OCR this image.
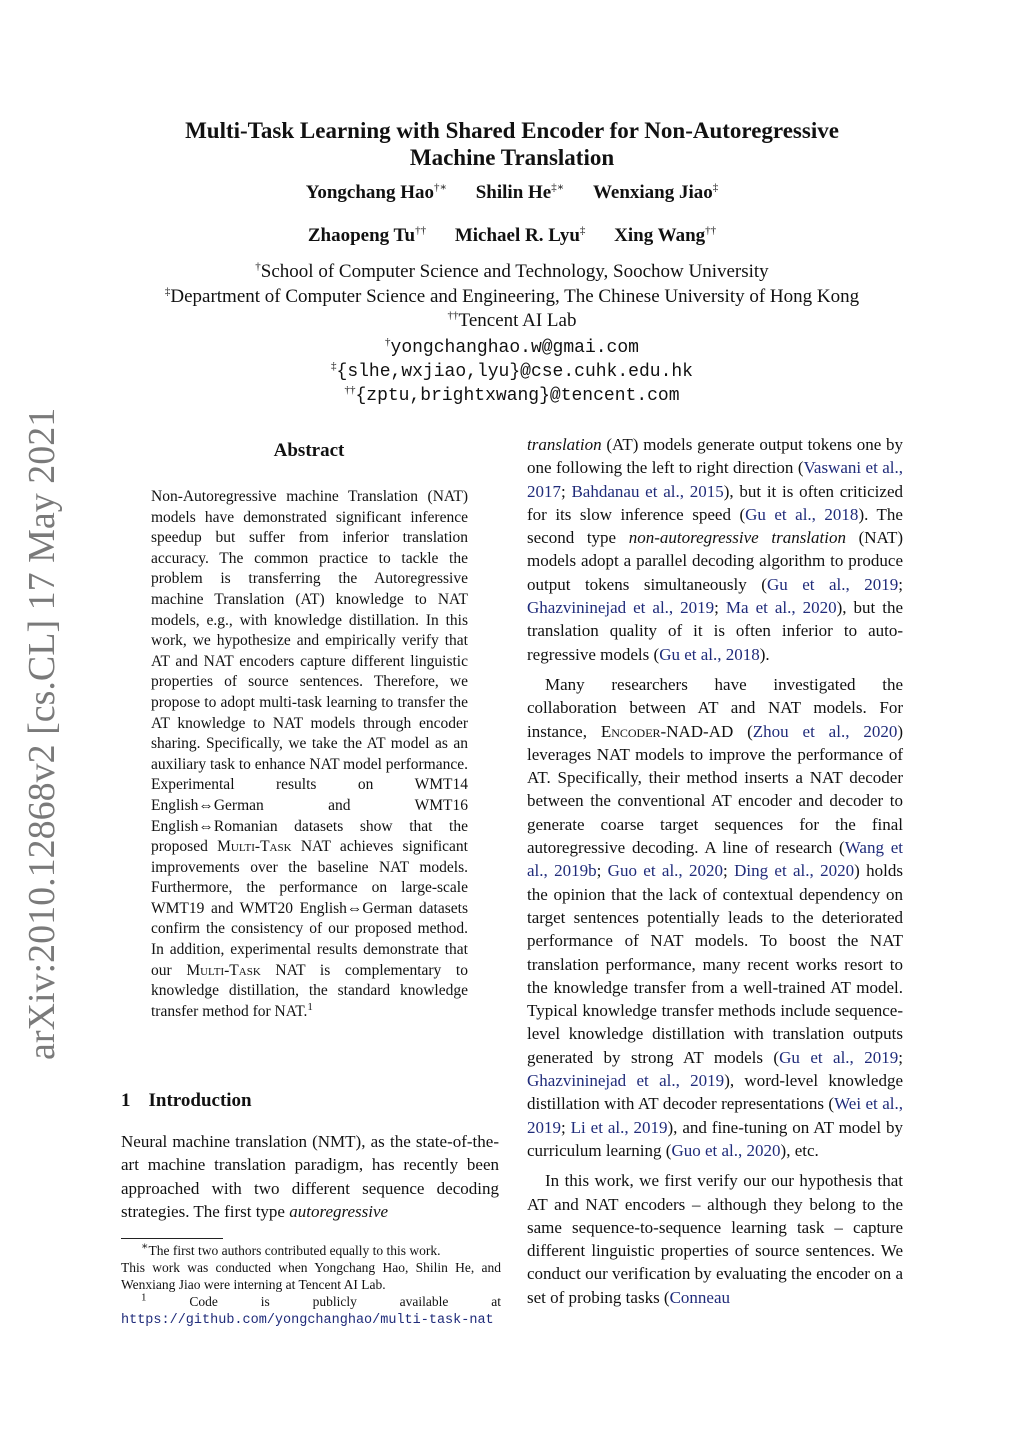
arXiv:2010.12868v2 [cs.CL] 17 May 2021
Multi-Task Learning with Shared Encoder for Non-Autoregressive
Machine Translation
Yongchang Hao†∗ Shilin He‡∗ Wenxiang Jiao‡
Zhaopeng Tu†† Michael R. Lyu‡ Xing Wang††
†School of Computer Science and Technology, Soochow University
‡Department of Computer Science and Engineering, The Chinese University of Hong Kong
††Tencent AI Lab
†yongchanghao.w@gmai.com
‡{slhe,wxjiao,lyu}@cse.cuhk.edu.hk
††{zptu,brightxwang}@tencent.com
Abstract

Non-Autoregressive machine Translation (NAT) models have demonstrated significant inference speedup but suffer from inferior translation accuracy. The common practice to tackle the problem is transferring the Autoregressive machine Translation (AT) knowledge to NAT models, e.g., with knowledge distillation. In this work, we hypothesize and empirically verify that AT and NAT encoders capture different linguistic properties of source sentences. Therefore, we propose to adopt multi-task learning to transfer the AT knowledge to NAT models through encoder sharing. Specifically, we take the AT model as an auxiliary task to enhance NAT model performance. Experimental results on WMT14 English⇔German and WMT16 English⇔Romanian datasets show that the proposed Multi-Task NAT achieves significant improvements over the baseline NAT models. Furthermore, the performance on large-scale WMT19 and WMT20 English⇔German datasets confirm the consistency of our proposed method. In addition, experimental results demonstrate that our Multi-Task NAT is complementary to knowledge distillation, the standard knowledge transfer method for NAT.$^1$

1 Introduction

Neural machine translation (NMT), as the state-of-the-art machine translation paradigm, has recently been approached with two different sequence decoding strategies. The first type autoregressive

∗The first two authors contributed equally to this work.

This work was conducted when Yongchang Hao, Shilin He, and Wenxiang Jiao were interning at Tencent AI Lab.

$^1$	Code is publicly available at https://github.com/yongchanghao/multi-task-nat

translation (AT) models generate output tokens one by one following the left to right direction (Vaswani et al., 2017; Bahdanau et al., 2015), but it is often criticized for its slow inference speed (Gu et al., 2018). The second type non-autoregressive translation (NAT) models adopt a parallel decoding algorithm to produce output tokens simultaneously (Gu et al., 2019; Ghazvininejad et al., 2019; Ma et al., 2020), but the translation quality of it is often inferior to auto-regressive models (Gu et al., 2018).

Many researchers have investigated the collaboration between AT and NAT models. For instance, Encoder-NAD-AD (Zhou et al., 2020) leverages NAT models to improve the performance of AT. Specifically, their method inserts a NAT decoder between the conventional AT encoder and decoder to generate coarse target sequences for the final autoregressive decoding. A line of research (Wang et al., 2019b; Guo et al., 2020; Ding et al., 2020) holds the opinion that the lack of contextual dependency on target sentences potentially leads to the deteriorated performance of NAT models. To boost the NAT translation performance, many recent works resort to the knowledge transfer from a well-trained AT model. Typical knowledge transfer methods include sequence-level knowledge distillation with translation outputs generated by strong AT models (Gu et al., 2019; Ghazvininejad et al., 2019), word-level knowledge distillation with AT decoder representations (Wei et al., 2019; Li et al., 2019), and fine-tuning on AT model by curriculum learning (Guo et al., 2020), etc.

In this work, we first verify our our hypothesis that AT and NAT encoders – although they belong to the same sequence-to-sequence learning task – capture different linguistic properties of source sentences. We conduct our verification by evaluating the encoder on a set of probing tasks (Conneau
